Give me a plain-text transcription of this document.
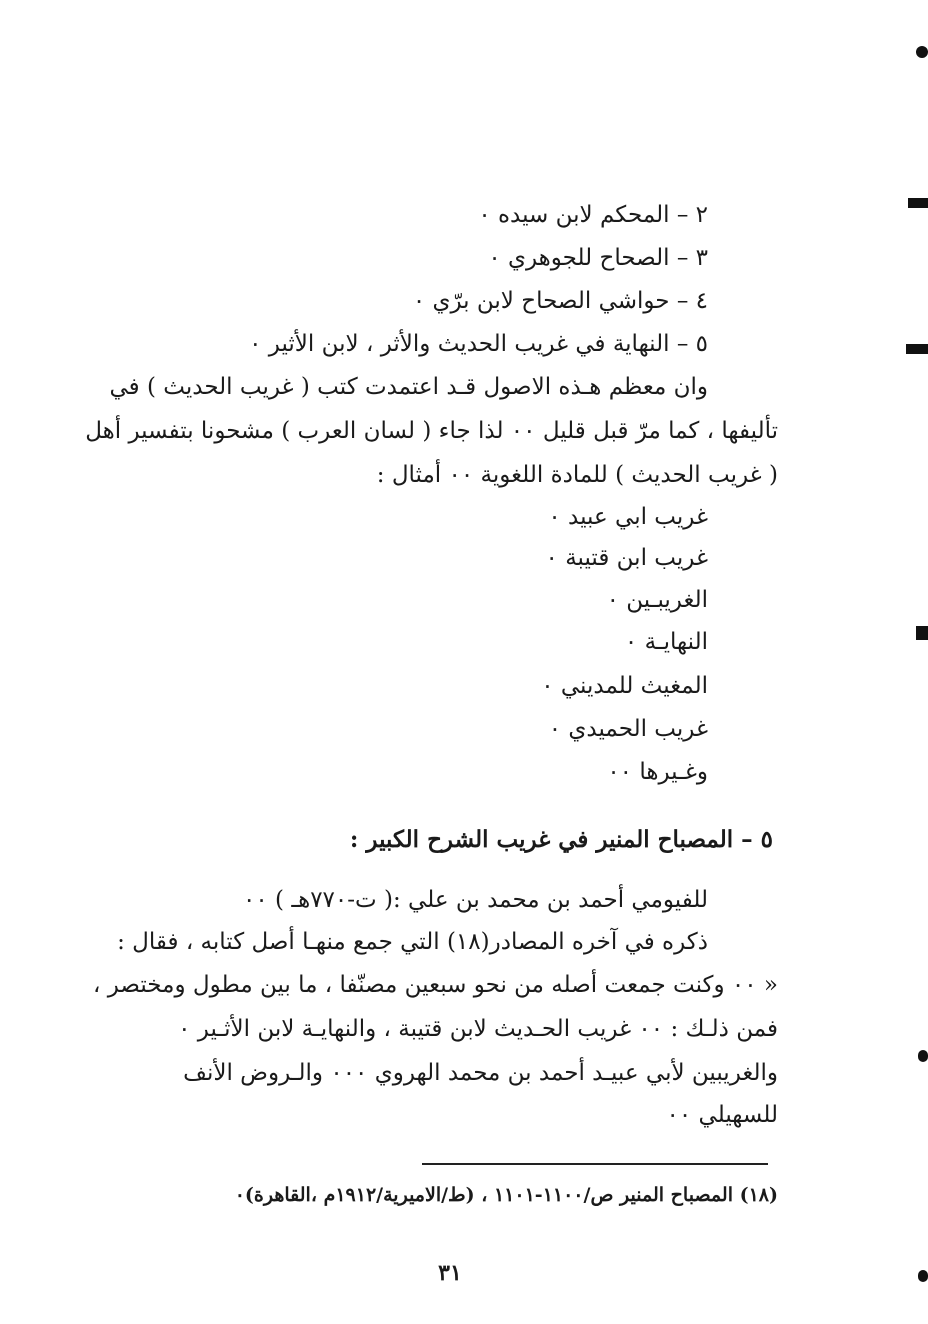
٢ – المحكم لابن سيده ٠
٣ – الصحاح للجوهري ٠
٤ – حواشي الصحاح لابن برّي ٠
٥ – النهاية في غريب الحديث والأثر ، لابن الأثير ٠
وان معظم هـذه الاصول قـد اعتمدت كتب ( غريب الحديث ) في
تأليفها ، كما مرّ قبل قليل ٠٠ لذا جاء ( لسان العرب ) مشحونا بتفسير أهل
( غريب الحديث ) للمادة اللغوية ٠٠ أمثال :
غريب ابي عبيد ٠
غريب ابن قتيبة ٠
الغريبـين ٠
النهايـة ٠
المغيث للمديني ٠
غريب الحميدي ٠
وغـيرها ٠٠
٥ – المصباح المنير في غريب الشرح الكبير :
للفيومي أحمد بن محمد بن علي :( ت-٧٧٠هـ ) ٠٠
ذكره في آخره المصادر(١٨) التي جمع منهـا أصل كتابه ، فقال :
« ٠٠ وكنت جمعت أصله من نحو سبعين مصنّفا ، ما بين مطول ومختصر ،
فمن ذلـك : ٠٠ غريب الحـديث لابن قتيبة ، والنهايـة لابن الأثـير ٠
والغريبين لأبي عبيـد أحمد بن محمد الهروي ٠٠٠ والـروض الأنف
للسهيلي ٠٠
(١٨) المصباح المنير ص/١١٠٠-١١٠١ ، (ط/الاميرية/١٩١٢م ،القاهرة)٠
٣١
